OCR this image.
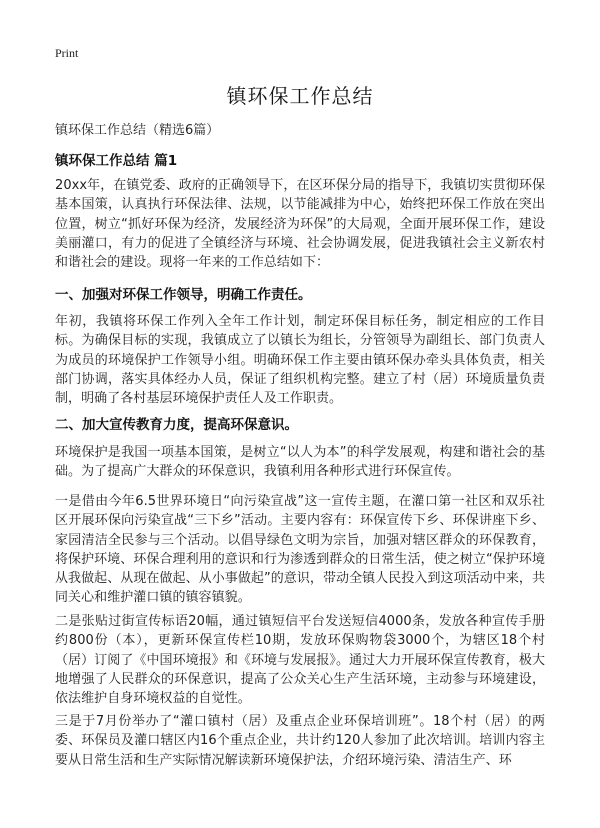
Print
镇环保工作总结
镇环保工作总结（精选6篇）
镇环保工作总结 篇1

20xx年，在镇党委、政府的正确领导下，在区环保分局的指导下，我镇切实贯彻环保基本国策，认真执行环保法律、法规，以节能减排为中心，始终把环保工作放在突出位置，树立“抓好环保为经济，发展经济为环保”的大局观，全面开展环保工作，建设美丽灌口，有力的促进了全镇经济与环境、社会协调发展，促进我镇社会主义新农村和谐社会的建设。现将一年来的工作总结如下：

一、加强对环保工作领导，明确工作责任。

年初，我镇将环保工作列入全年工作计划，制定环保目标任务，制定相应的工作目标。为确保目标的实现，我镇成立了以镇长为组长，分管领导为副组长、部门负责人为成员的环境保护工作领导小组。明确环保工作主要由镇环保办牵头具体负责，相关部门协调，落实具体经办人员，保证了组织机构完整。建立了村（居）环境质量负责制，明确了各村基层环境保护责任人及工作职责。

二、加大宣传教育力度，提高环保意识。

环境保护是我国一项基本国策，是树立“以人为本”的科学发展观，构建和谐社会的基础。为了提高广大群众的环保意识，我镇利用各种形式进行环保宣传。

一是借由今年6.5世界环境日“向污染宣战”这一宣传主题，在灌口第一社区和双乐社区开展环保向污染宣战“三下乡”活动。主要内容有：环保宣传下乡、环保讲座下乡、家园清洁全民参与三个活动。以倡导绿色文明为宗旨，加强对辖区群众的环保教育，将保护环境、环保合理利用的意识和行为渗透到群众的日常生活，使之树立“保护环境从我做起、从现在做起、从小事做起”的意识，带动全镇人民投入到这项活动中来，共同关心和维护灌口镇的镇容镇貌。

二是张贴过街宣传标语20幅，通过镇短信平台发送短信4000条，发放各种宣传手册约800份（本），更新环保宣传栏10期，发放环保购物袋3000个，为辖区18个村（居）订阅了《中国环境报》和《环境与发展报》。通过大力开展环保宣传教育，极大地增强了人民群众的环保意识，提高了公众关心生产生活环境，主动参与环境建设，依法维护自身环境权益的自觉性。

三是于7月份举办了“灌口镇村（居）及重点企业环保培训班”。18个村（居）的两委、环保员及灌口辖区内16个重点企业，共计约120人参加了此次培训。培训内容主要从日常生活和生产实际情况解读新环境保护法，介绍环境污染、清洁生产、环
